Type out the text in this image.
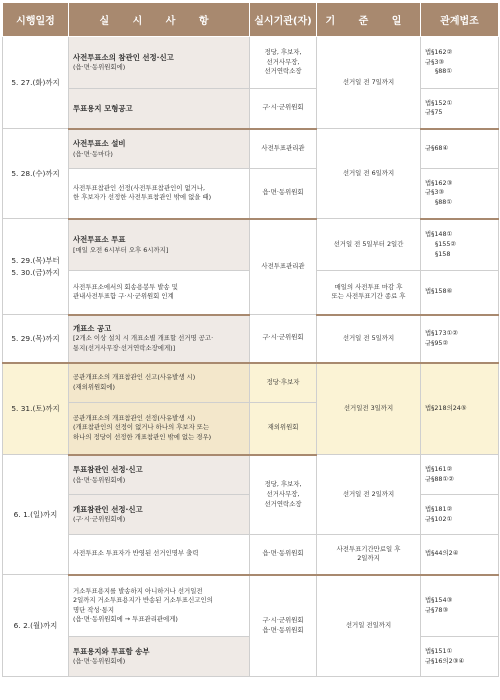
시행일정	실 시 사 항	실시기관(자)	기 준 일	관계법조
5. 27.(화)까지	사전투표소의 참관인 선정·신고
(읍·면·동위원회에)	정당, 후보자,
선거사무장,
선거연락소장	선거일 전 7일까지	법§162②
규§3③
§88①

	투표용지 모형공고	구·시·군위원회		법§152①
규§75

5. 28.(수)까지	사전투표소 설비
(읍·면·동마다)	사전투표관리관	선거일 전 6일까지	규§68④

	사전투표참관인 선정(사전투표참관인이 없거나,
한 후보자가 선정한 사전투표참관인 밖에 없을 때)	읍·면·동위원회		법§162③
규§3③
§88①

5. 29.(목)부터
5. 30.(금)까지	사전투표소 투표
[매일 오전 6시부터 오후 6시까지]	사전투표관리관	선거일 전 5일부터 2일간	법§148①
§155②
§158

	사전투표소에서의 회송용봉투 발송 및
관내사전투표함 구·시·군위원회 인계		매일의 사전투표 마감 후
또는 사전투표기간 종료 후	법§158⑥
5. 29.(목)까지	개표소 공고
[2개소 이상 설치 시 개표소별 개표할 선거명 공고·
통지(선거사무장·선거연락소장에게)]	구·시·군위원회	선거일 전 5일까지	법§173①②
규§95②

5. 31.(토)까지	공관개표소의 개표참관인 신고(사유발생 시)
(재외위원회에)	정당·후보자	선거일전 3일까지	법§218의24⑤

	공관개표소의 개표참관인 선정(사유발생 시)
(개표참관인의 선정이 없거나 하나의 후보자 또는
하나의 정당이 선정한 개표참관인 밖에 없는 경우)	재외위원회		
6. 1.(일)까지	투표참관인 선정·신고
(읍·면·동위원회에)	정당, 후보자,
선거사무장,
선거연락소장	선거일 전 2일까지	법§161②
규§88①②

	개표참관인 선정·신고
(구·시·군위원회에)			법§181②
규§102①

	사전투표소 투표자가 반영된 선거인명부 출력	읍·면·동위원회	사전투표기간만료일 후
2일까지	법§44의2④
6. 2.(월)까지	거소투표용지를 발송하지 아니하거나 선거일전
2일까지 거소투표용지가 반송된 거소투표신고인의
명단 작성·통지
(읍·면·동위원회에 → 투표관리관에게)	구·시·군위원회
읍·면·동위원회	선거일 전일까지	법§154③
규§78③

	투표용지와 투표함 송부
(읍·면·동위원회에)			법§151①
규§16의2③④
